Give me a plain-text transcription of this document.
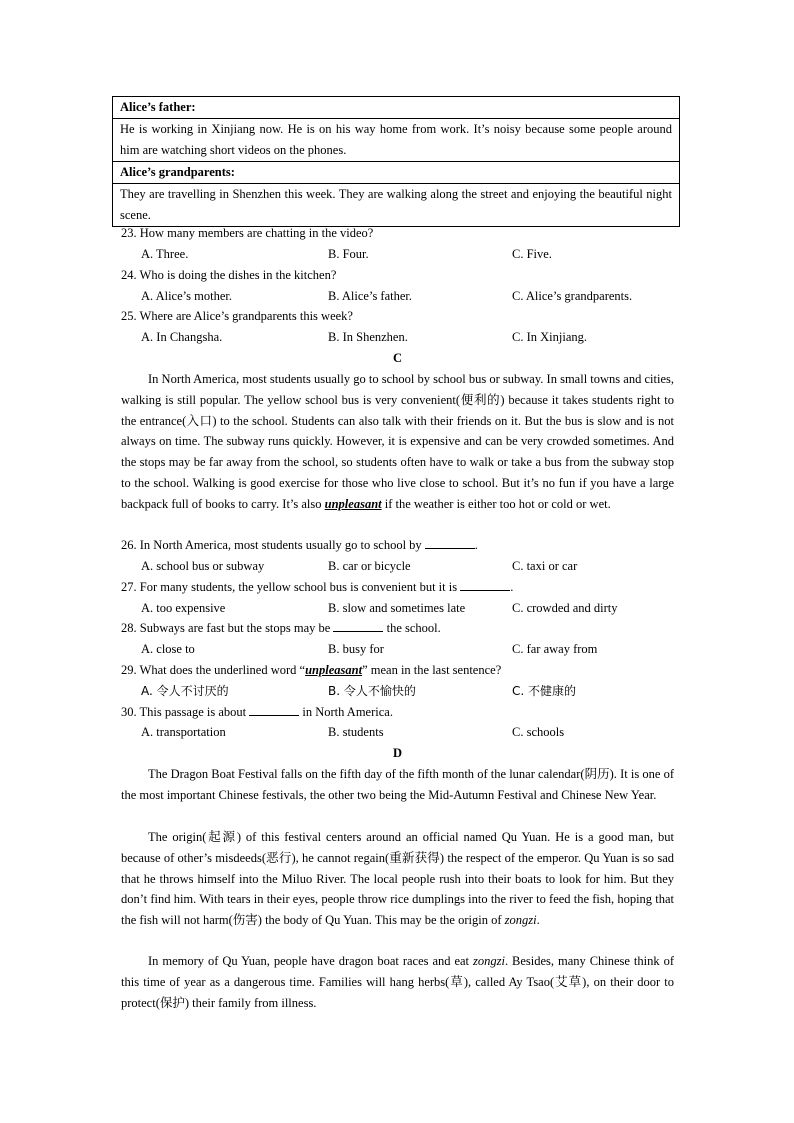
Alice’s father:
He is working in Xinjiang now. He is on his way home from work. It’s noisy because some people around him are watching short videos on the phones.
Alice’s grandparents:
They are travelling in Shenzhen this week. They are walking along the street and enjoying the beautiful night scene.
23. How many members are chatting in the video?
A. Three.	B. Four.	C. Five.
24. Who is doing the dishes in the kitchen?
A. Alice’s mother.	B. Alice’s father.	C. Alice’s grandparents.
25. Where are Alice’s grandparents this week?
A. In Changsha.	B. In Shenzhen.	C. In Xinjiang.
C

In North America, most students usually go to school by school bus or subway. In small towns and cities, walking is still popular. The yellow school bus is very convenient(便利的) because it takes students right to the entrance(入口) to the school. Students can also talk with their friends on it. But the bus is slow and is not always on time. The subway runs quickly. However, it is expensive and can be very crowded sometimes. And the stops may be far away from the school, so students often have to walk or take a bus from the subway stop to the school. Walking is good exercise for those who live close to school. But it’s no fun if you have a large backpack full of books to carry. It’s also unpleasant if the weather is either too hot or cold or wet.

26. In North America, most students usually go to school by	.
A. school bus or subway	B. car or bicycle	C. taxi or car
27. For many students, the yellow school bus is convenient but it is	.
A. too expensive	B. slow and sometimes late	C. crowded and dirty
28. Subways are fast but the stops may be	the school.
A. close to	B. busy for	C. far away from
29. What does the underlined word “unpleasant” mean in the last sentence?
A. 令人不讨厌的	B. 令人不愉快的	C. 不健康的
30. This passage is about	in North America.
A. transportation	B. students	C. schools
D

The Dragon Boat Festival falls on the fifth day of the fifth month of the lunar calendar(阴历). It is one of the most important Chinese festivals, the other two being the Mid-Autumn Festival and Chinese New Year.

The origin(起源) of this festival centers around an official named Qu Yuan. He is a good man, but because of other’s misdeeds(恶行), he cannot regain(重新获得) the respect of the emperor. Qu Yuan is so sad that he throws himself into the Miluo River. The local people rush into their boats to look for him. But they don’t find him. With tears in their eyes, people throw rice dumplings into the river to feed the fish, hoping that the fish will not harm(伤害) the body of Qu Yuan. This may be the origin of zongzi.

In memory of Qu Yuan, people have dragon boat races and eat zongzi. Besides, many Chinese think of this time of year as a dangerous time. Families will hang herbs(草), called Ay Tsao(艾草), on their door to protect(保护) their family from illness.
